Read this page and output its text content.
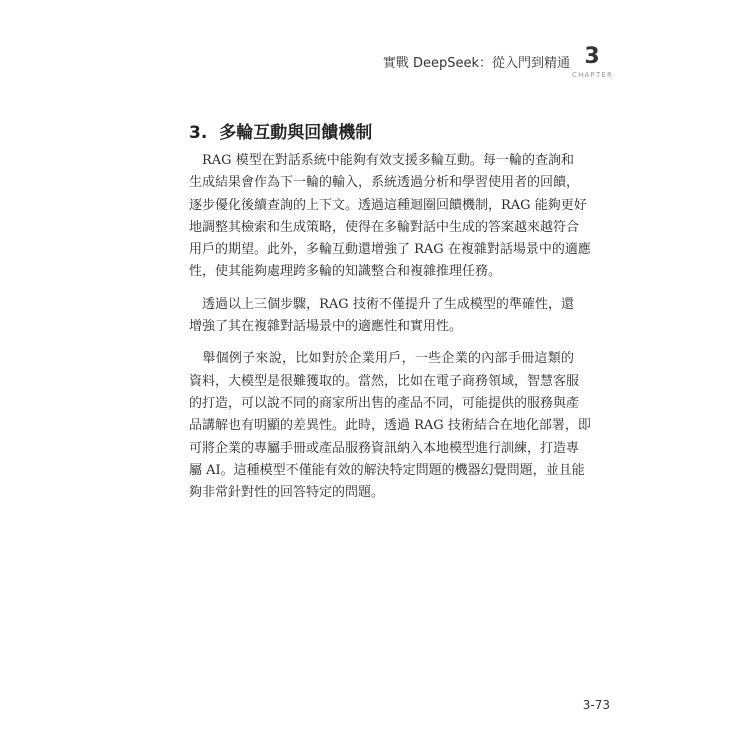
實戰 DeepSeek：從入門到精通 3
CHAPTER
3. 多輪互動與回饋機制

　RAG 模型在對話系統中能夠有效支援多輪互動。每一輪的查詢和
生成結果會作為下一輪的輸入，系統透過分析和學習使用者的回饋，
逐步優化後續查詢的上下文。透過這種迴圈回饋機制，RAG 能夠更好
地調整其檢索和生成策略，使得在多輪對話中生成的答案越來越符合
用戶的期望。此外，多輪互動還增強了 RAG 在複雜對話場景中的適應
性，使其能夠處理跨多輪的知識整合和複雜推理任務。

　透過以上三個步驟，RAG 技術不僅提升了生成模型的準確性，還
增強了其在複雜對話場景中的適應性和實用性。

　舉個例子來說，比如對於企業用戶，一些企業的內部手冊這類的
資料，大模型是很難獲取的。當然，比如在電子商務領域，智慧客服
的打造，可以說不同的商家所出售的產品不同，可能提供的服務與產
品講解也有明顯的差異性。此時，透過 RAG 技術結合在地化部署，即
可將企業的專屬手冊或產品服務資訊納入本地模型進行訓練，打造專
屬 AI。這種模型不僅能有效的解決特定問題的機器幻覺問題，並且能
夠非常針對性的回答特定的問題。

3-73
